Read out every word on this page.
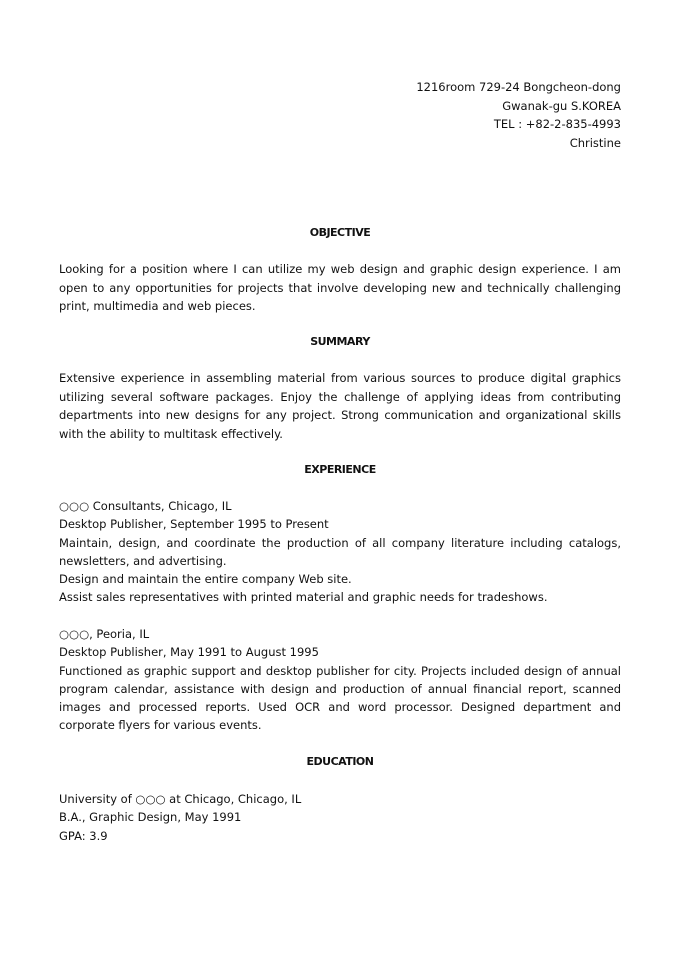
1216room 729-24 Bongcheon-dong
Gwanak-gu S.KOREA
TEL : +82-2-835-4993
Christine
OBJECTIVE

Looking for a position where I can utilize my web design and graphic design experience. I am open to any opportunities for projects that involve developing new and technically challenging print, multimedia and web pieces.

SUMMARY

Extensive experience in assembling material from various sources to produce digital graphics utilizing several software packages. Enjoy the challenge of applying ideas from contributing departments into new designs for any project. Strong communication and organizational skills with the ability to multitask effectively.

EXPERIENCE
○○○ Consultants, Chicago, IL
Desktop Publisher, September 1995 to Present
Maintain, design, and coordinate the production of all company literature including catalogs, newsletters, and advertising.
Design and maintain the entire company Web site.
Assist sales representatives with printed material and graphic needs for tradeshows.
○○○, Peoria, IL
Desktop Publisher, May 1991 to August 1995
Functioned as graphic support and desktop publisher for city. Projects included design of annual program calendar, assistance with design and production of annual financial report, scanned images and processed reports. Used OCR and word processor. Designed department and corporate flyers for various events.
EDUCATION
University of ○○○ at Chicago, Chicago, IL
B.A., Graphic Design, May 1991
GPA: 3.9
